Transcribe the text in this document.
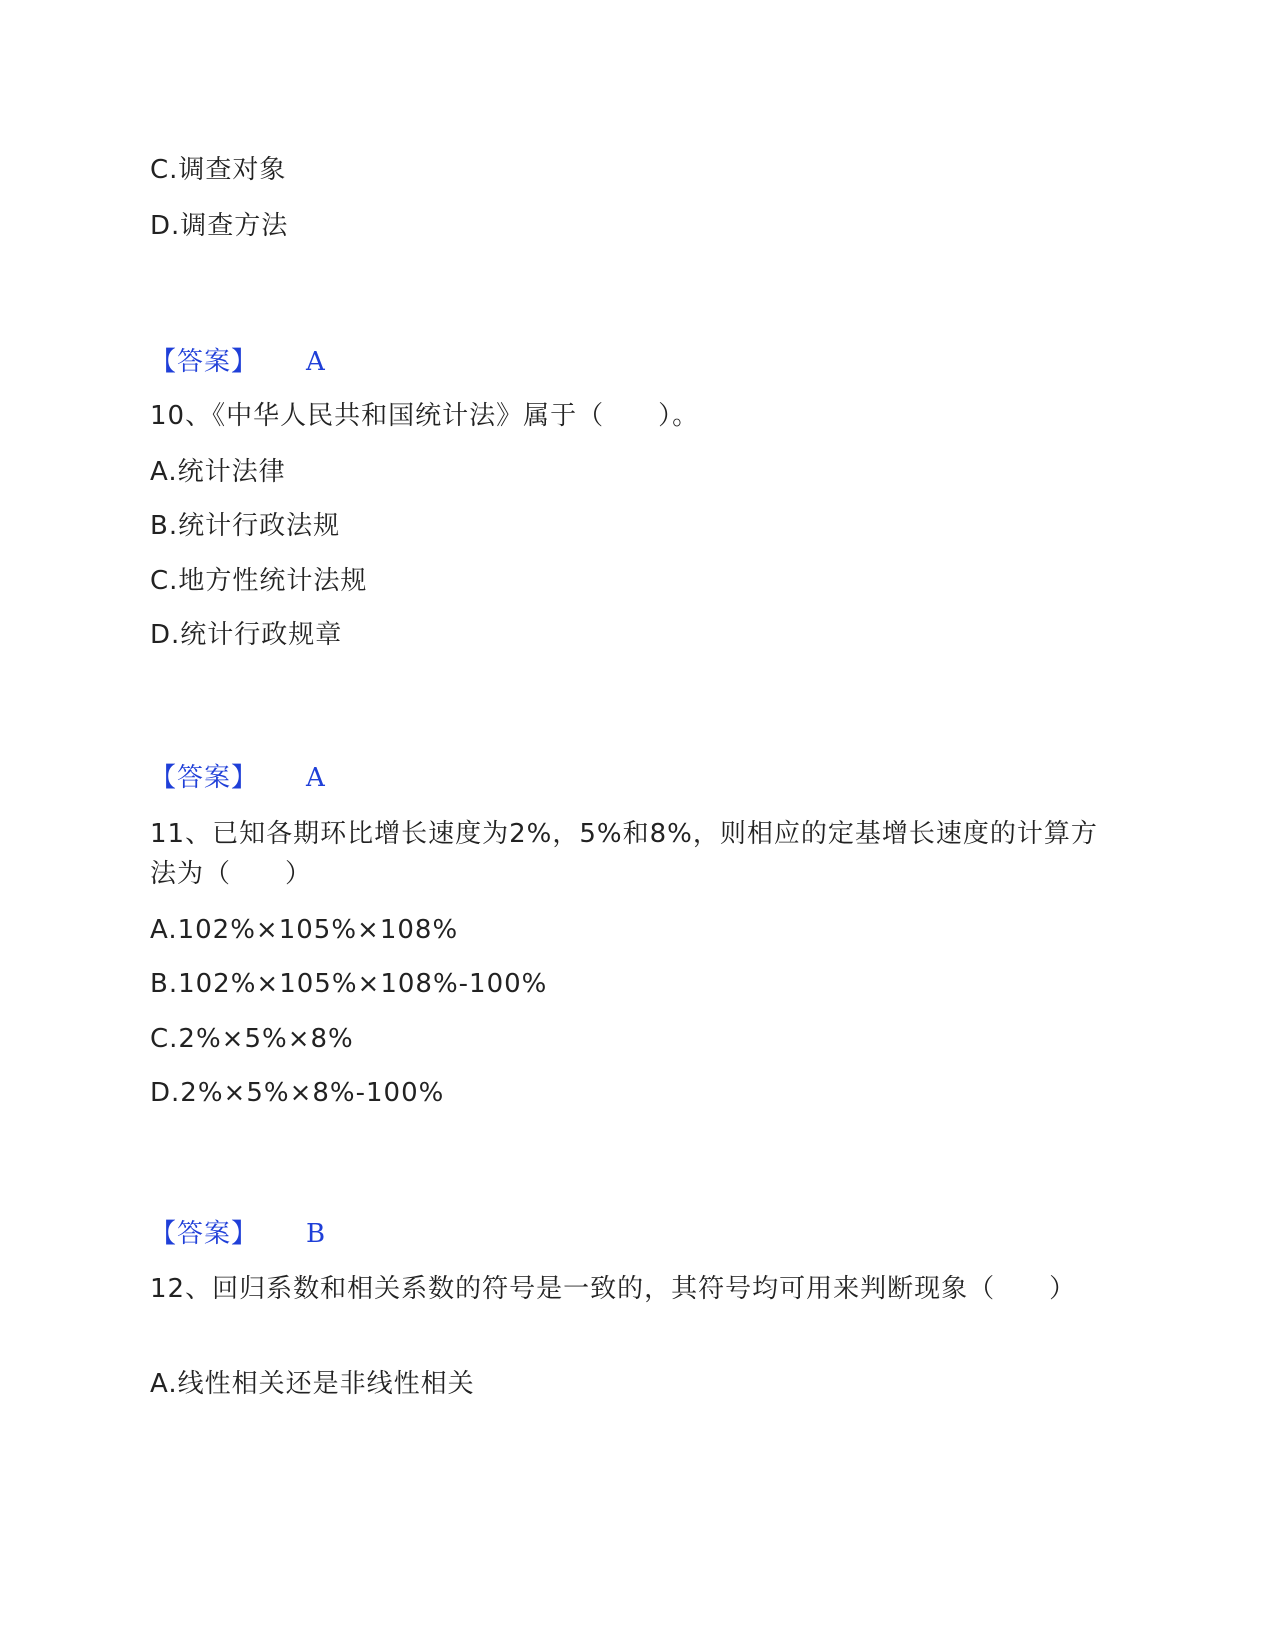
C.调查对象
D.调查方法
【答案】 A
10、《中华人民共和国统计法》属于（　　）。
A.统计法律
B.统计行政法规
C.地方性统计法规
D.统计行政规章
【答案】 A
11、已知各期环比增长速度为2%，5%和8%，则相应的定基增长速度的计算方法为（　　）
A.102%×105%×108%
B.102%×105%×108%-100%
C.2%×5%×8%
D.2%×5%×8%-100%
【答案】 B
12、回归系数和相关系数的符号是一致的，其符号均可用来判断现象（　　）
A.线性相关还是非线性相关
